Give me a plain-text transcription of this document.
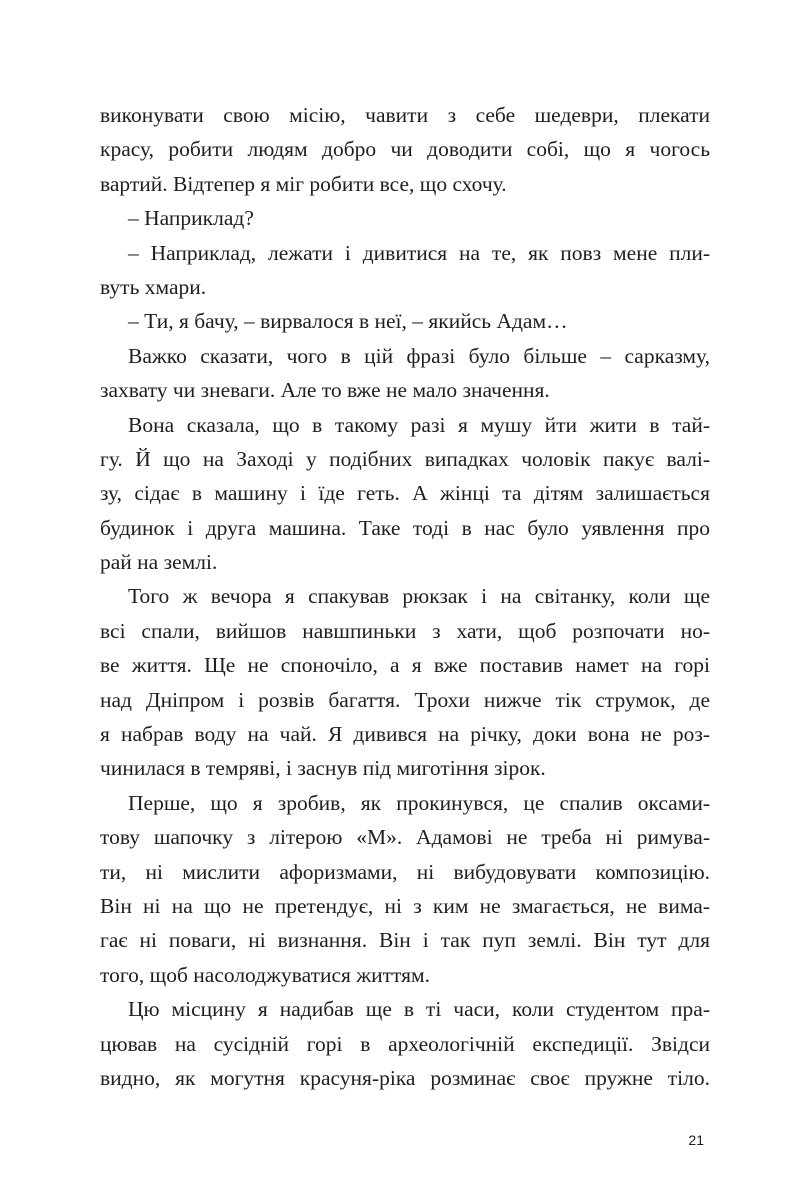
виконувати свою місію, чавити з себе шедеври, плекати
красу, робити людям добро чи доводити собі, що я чогось
вартий. Відтепер я міг робити все, що схочу.
– Наприклад?
– Наприклад, лежати і дивитися на те, як повз мене пли-
вуть хмари.
– Ти, я бачу, – вирвалося в неї, – якийсь Адам…
Важко сказати, чого в цій фразі було більше – сарказму,
захвату чи зневаги. Але то вже не мало значення.
Вона сказала, що в такому разі я мушу йти жити в тай-
гу. Й що на Заході у подібних випадках чоловік пакує валі-
зу, сідає в машину і їде геть. А жінці та дітям залишається
будинок і друга машина. Таке тоді в нас було уявлення про
рай на землі.
Того ж вечора я спакував рюкзак і на світанку, коли ще
всі спали, вийшов навшпиньки з хати, щоб розпочати но-
ве життя. Ще не споночіло, а я вже поставив намет на горі
над Дніпром і розвів багаття. Трохи нижче тік струмок, де
я набрав воду на чай. Я дивився на річку, доки вона не роз-
чинилася в темряві, і заснув під миготіння зірок.
Перше, що я зробив, як прокинувся, це спалив оксами-
тову шапочку з літерою «М». Адамові не треба ні римува-
ти, ні мислити афоризмами, ні вибудовувати композицію.
Він ні на що не претендує, ні з ким не змагається, не вима-
гає ні поваги, ні визнання. Він і так пуп землі. Він тут для
того, щоб насолоджуватися життям.
Цю місцину я надибав ще в ті часи, коли студентом пра-
цював на сусідній горі в археологічній експедиції. Звідси
видно, як могутня красуня-ріка розминає своє пружне тіло.
21
